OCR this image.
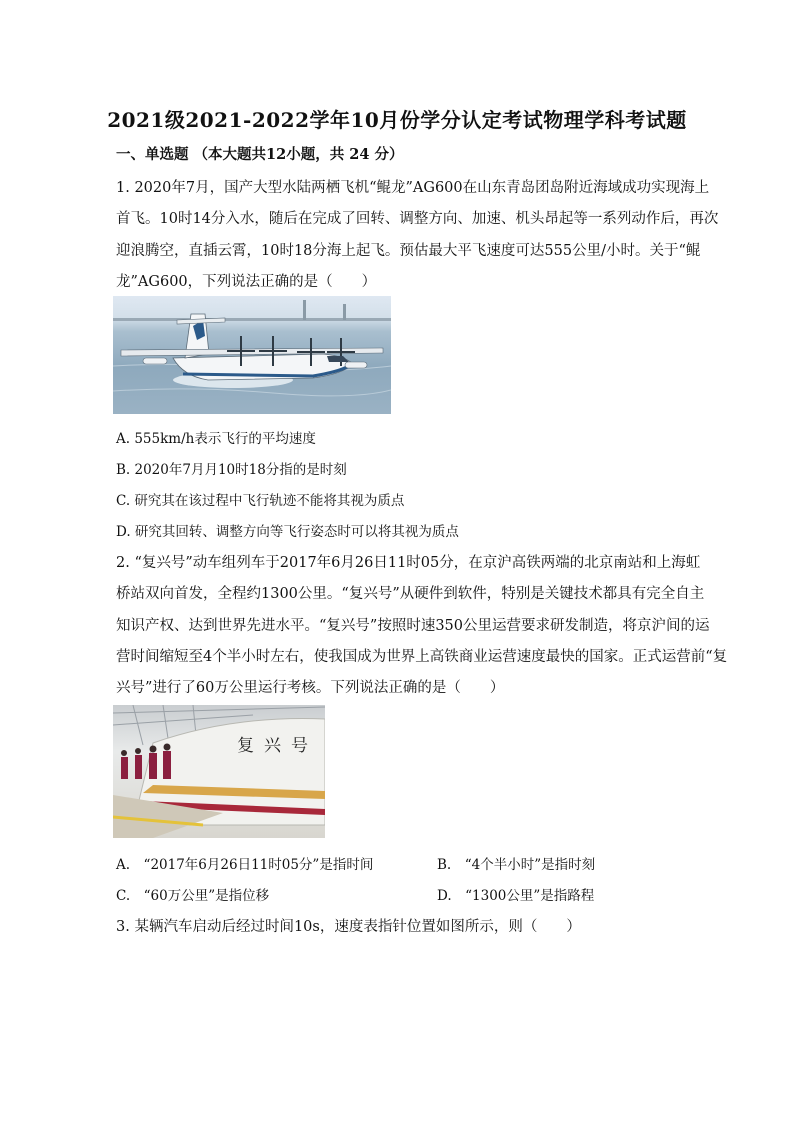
2021级2021-2022学年10月份学分认定考试物理学科考试题
一、单选题 （本大题共12小题，共 24 分）
1. 2020年7月，国产大型水陆两栖飞机“鲲龙”AG600在山东青岛团岛附近海域成功实现海上
首飞。10时14分入水，随后在完成了回转、调整方向、加速、机头昂起等一系列动作后，再次
迎浪腾空，直插云霄，10时18分海上起飞。预估最大平飞速度可达555公里/小时。关于“鲲
龙”AG600，下列说法正确的是（　　）
A. 555km/h表示飞行的平均速度
B. 2020年7月月10时18分指的是时刻
C. 研究其在该过程中飞行轨迹不能将其视为质点
D. 研究其回转、调整方向等飞行姿态时可以将其视为质点
2. “复兴号”动车组列车于2017年6月26日11时05分，在京沪高铁两端的北京南站和上海虹
桥站双向首发，全程约1300公里。“复兴号”从硬件到软件，特别是关键技术都具有完全自主
知识产权、达到世界先进水平。“复兴号”按照时速350公里运营要求研发制造，将京沪间的运
营时间缩短至4个半小时左右，使我国成为世界上高铁商业运营速度最快的国家。正式运营前“复
兴号”进行了60万公里运行考核。下列说法正确的是（　　）
复兴号
A.　“2017年6月26日11时05分”是指时间	B.　“4个半小时”是指时刻
C.　“60万公里”是指位移	D.　“1300公里”是指路程
3. 某辆汽车启动后经过时间10s，速度表指针位置如图所示，则（　　）
